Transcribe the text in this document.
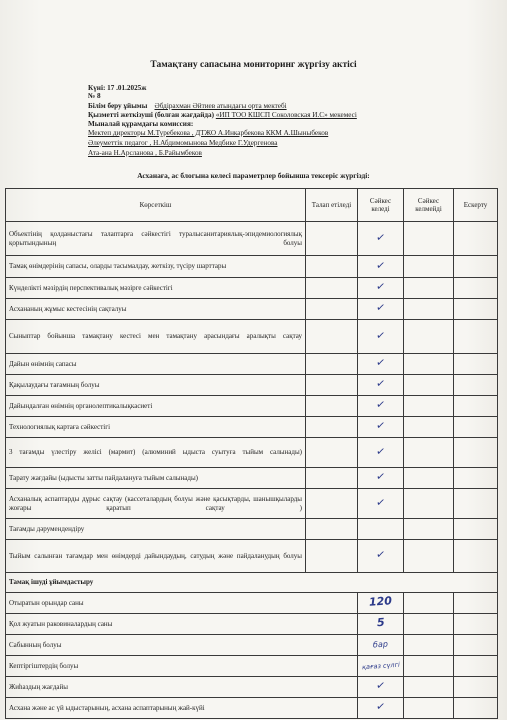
Тамақтану сапасына мониторинг жүргізу актісі
Күні: 17 .01.2025ж
№ 8
Білім беру ұйымы Әбдірахман Әйтиев атындағы орта мектебі
Қызметті жеткізуші (болған жағдайда) «ИП ТОО КШСП Соколовская И.С» мекемесі
Мыналай құрамдағы комиссия:
Мектеп директоры М.Туребекова , ДТЖО А.Инкарбекова ККМ А.Шыныбеков
Әлеуметтік педагог , Н.Абдимомынова Медбике Г.Удергенова
Ата-ана Н.Арсланова , Б.Райымбеков
Асханаға, ас блогына келесі параметрлер бойынша тексеріс жүргізді:
Көрсеткіш	Талап етіледі	Сәйкес келеді	Сәйкес келмейді	Ескерту
Объектінің қолданыстағы талаптарға сәйкестігі туралысанитариялық-эпидемиологиялық қорытындының болуы		✓		
Тамақ өнімдерінің сапасы, оларды тасымалдау, жеткізу, түсіру шарттары		✓		
Күнделікті мәзірдің перспективалық мәзірге сәйкестігі		✓		
Асхананың жұмыс кестесінің сақталуы		✓		
Сыныптар бойынша тамақтану кестесі мен тамақтану арасындағы аралықты сақтау		✓		
Дайын өнімнің сапасы		✓		
Қақылаудағы тағамның болуы		✓		
Дайындалған өнімнің органолептикалықкасиеті		✓		
Технологиялық картаға сәйкестігі		✓		
3 тағамды үлестіру желісі (мармит) (алюминий ыдыста суытуға тыйым салынады)		✓		
Тарату жағдайы (ыдысты затты пайдалануға тыйым салынады)		✓		
Асханалық аспаптарды дұрыс сақтау (кассеталардың болуы және қасықтарды, шанышқыларды жоғары қаратып сақтау )		✓		
Тағамды дәрумендендіру				
Тыйым салынған тағамдар мен өнімдерді дайындаудың, сатудың және пайдаланудың болуы		✓		
Тамақ ішуді ұйымдастыру				
Отыратын орындар саны		120		
Қол жуатын раковиналардың саны		5		
Сабынның болуы		бар		
Кептіргіштердің болуы		қағаз сүлгі		
Жиһаздың жағдайы		✓		
Асхана және ас үй ыдыстарының, асхана аспаптарының жай-күйі		✓		
